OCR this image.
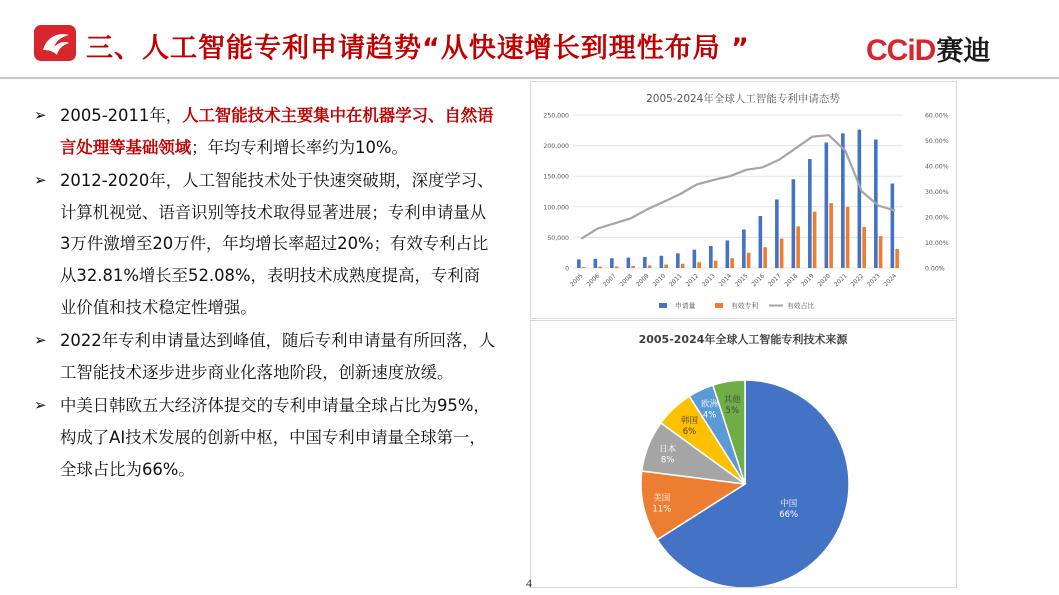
三、人工智能专利申请趋势“从快速增长到理性布局 ”	CCiD赛迪
➢ 2005-2011年，人工智能技术主要集中在机器学习、自然语言处理等基础领域；年均专利增长率约为10%。
➢ 2012-2020年，人工智能技术处于快速突破期，深度学习、计算机视觉、语音识别等技术取得显著进展；专利申请量从3万件激增至20万件，年均增长率超过20%；有效专利占比从32.81%增长至52.08%，表明技术成熟度提高，专利商业价值和技术稳定性增强。
➢ 2022年专利申请量达到峰值，随后专利申请量有所回落，人工智能技术逐步进步商业化落地阶段，创新速度放缓。
➢ 中美日韩欧五大经济体提交的专利申请量全球占比为95%，构成了AI技术发展的创新中枢，中国专利申请量全球第一，全球占比为66%。
2005-2024年全球人工智能专利申请态势
0
50,000
100,000
150,000
200,000
250,000
0.00%
10.00%
20.00%
30.00%
40.00%
50.00%
60.00%
2005 2006 2007 2008 2009 2010 2011 2012 2013 2014 2015 2016 2017 2018 2019 2020 2021 2022 2023 2024
申请量	有效专利	有效占比
2005-2024年全球人工智能专利技术来源
中国
66%
美国
11%
日本
8%
韩国
6%
欧洲
4%
其他
5%
4
